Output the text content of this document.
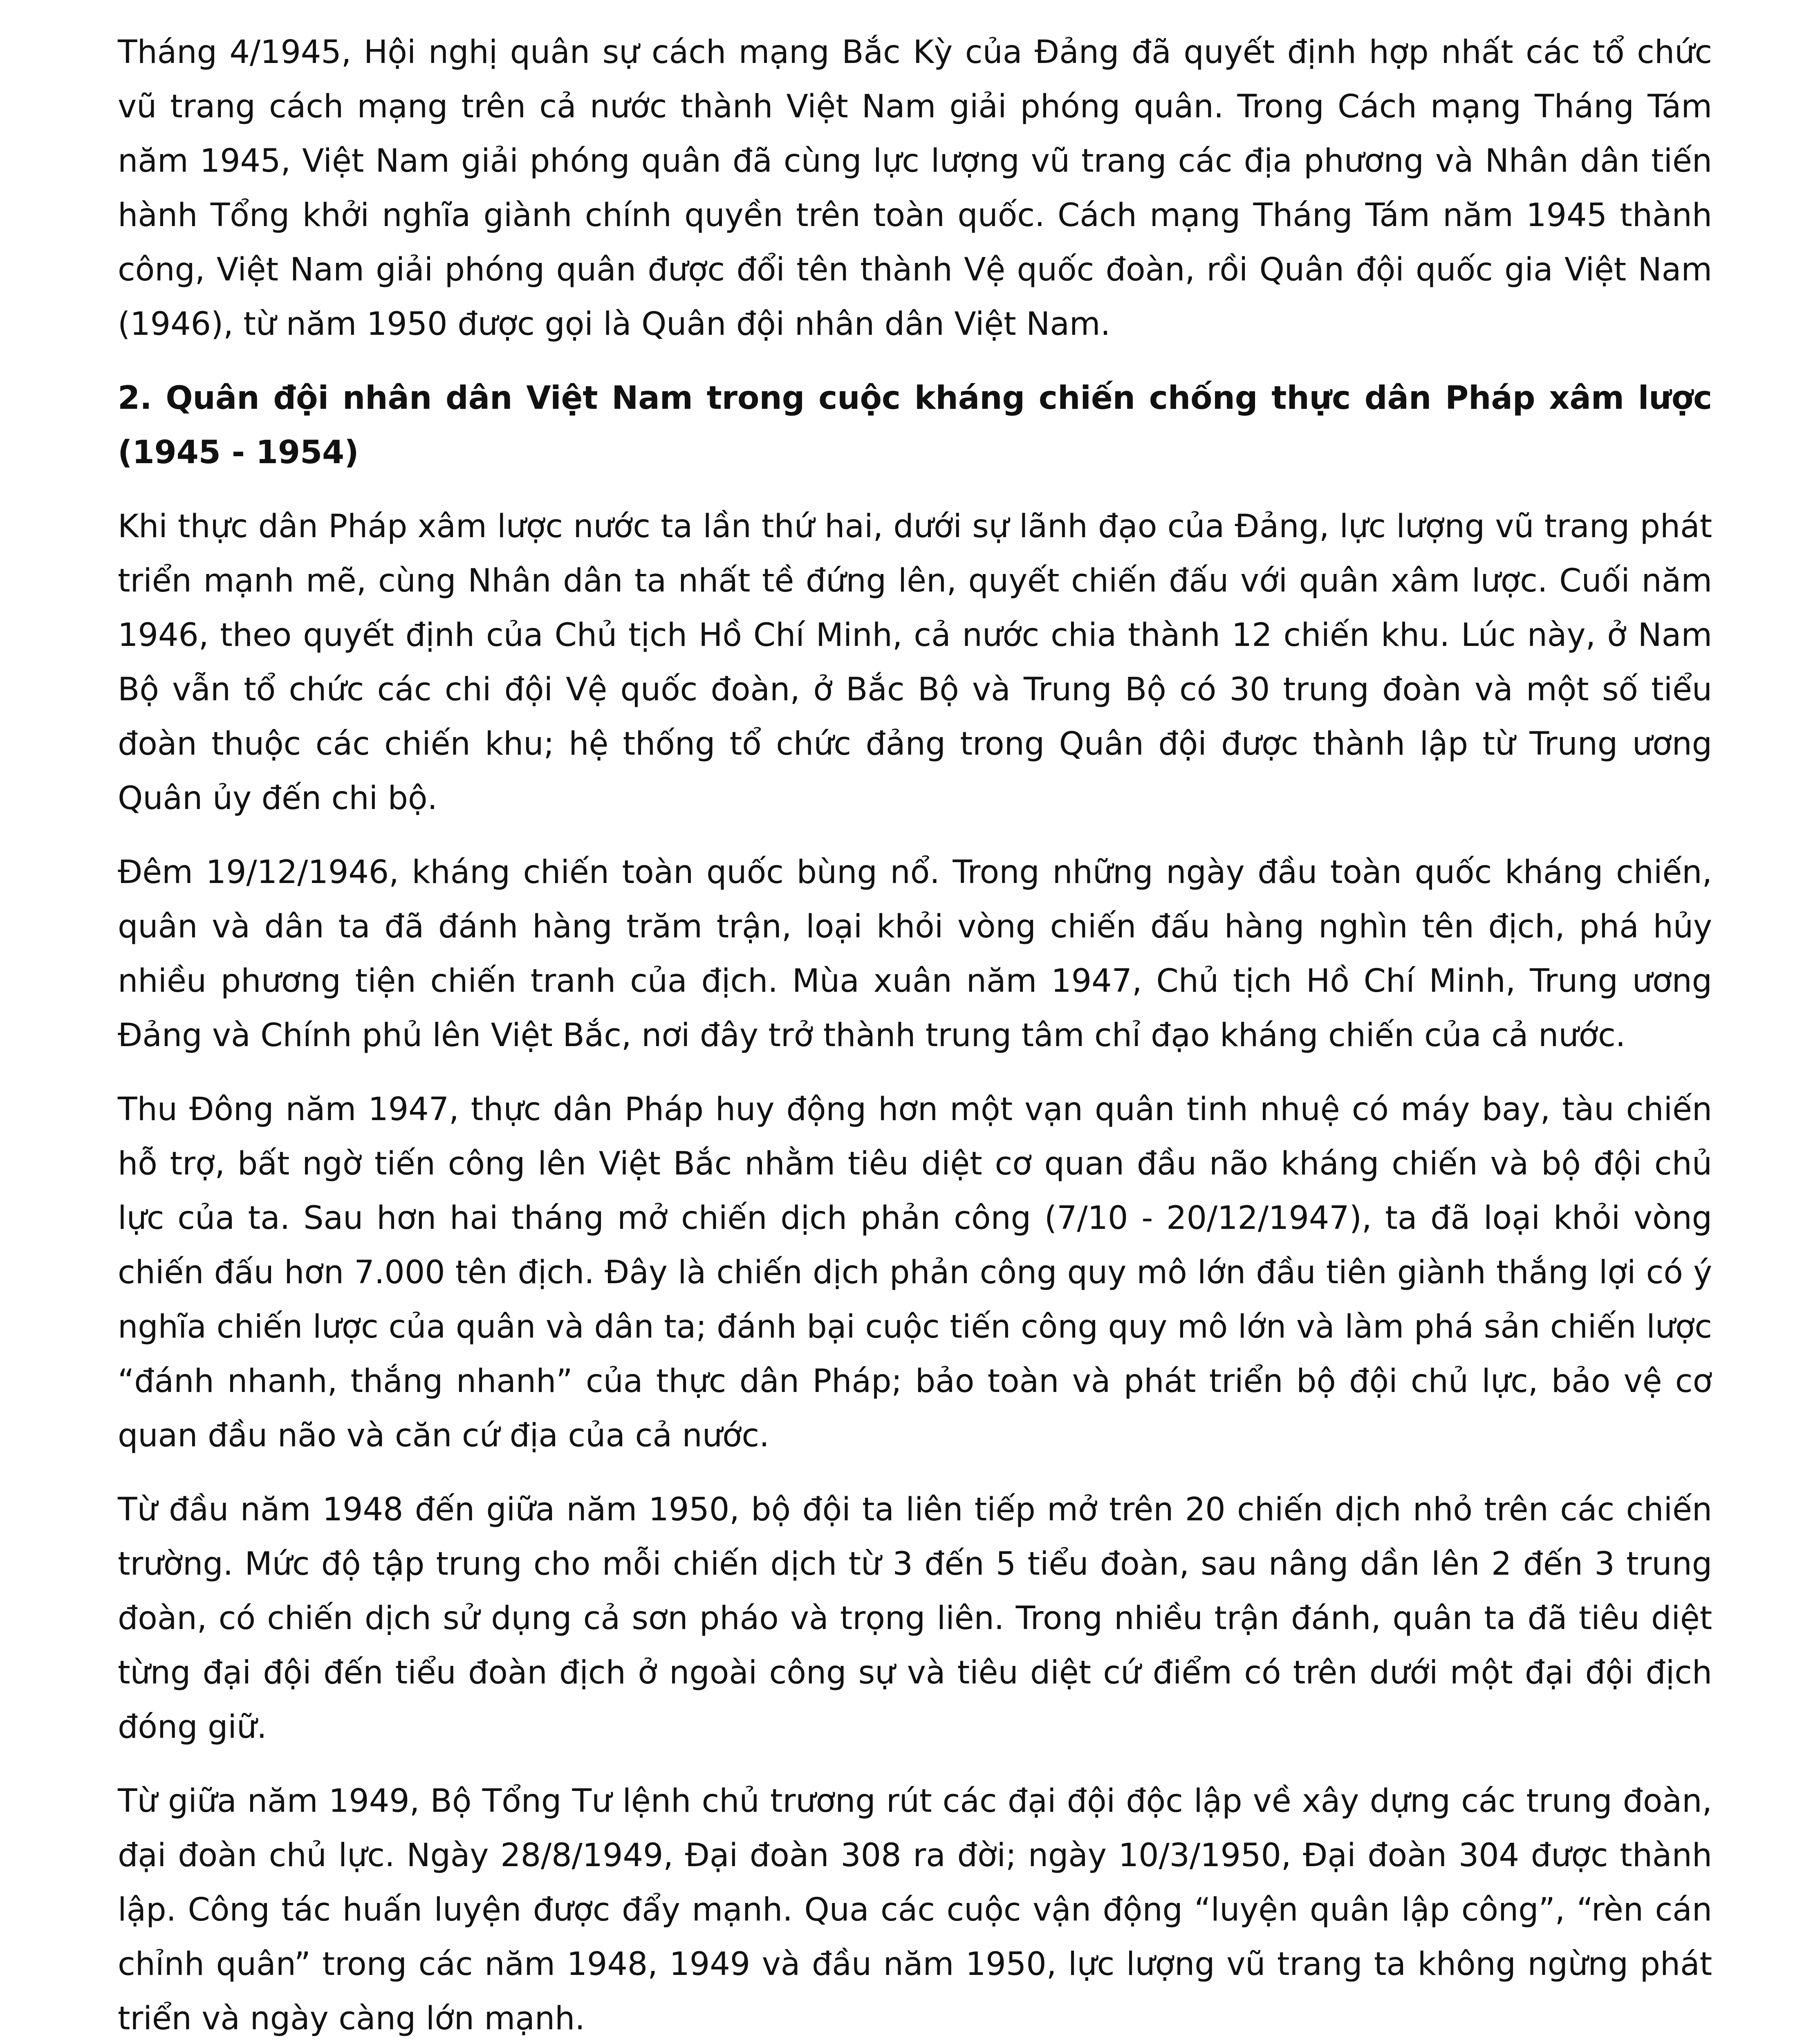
Tháng 4/1945, Hội nghị quân sự cách mạng Bắc Kỳ của Đảng đã quyết định hợp nhất các tổ chức vũ trang cách mạng trên cả nước thành Việt Nam giải phóng quân. Trong Cách mạng Tháng Tám năm 1945, Việt Nam giải phóng quân đã cùng lực lượng vũ trang các địa phương và Nhân dân tiến hành Tổng khởi nghĩa giành chính quyền trên toàn quốc. Cách mạng Tháng Tám năm 1945 thành công, Việt Nam giải phóng quân được đổi tên thành Vệ quốc đoàn, rồi Quân đội quốc gia Việt Nam (1946), từ năm 1950 được gọi là Quân đội nhân dân Việt Nam.

2. Quân đội nhân dân Việt Nam trong cuộc kháng chiến chống thực dân Pháp xâm lược (1945 - 1954)

Khi thực dân Pháp xâm lược nước ta lần thứ hai, dưới sự lãnh đạo của Đảng, lực lượng vũ trang phát triển mạnh mẽ, cùng Nhân dân ta nhất tề đứng lên, quyết chiến đấu với quân xâm lược. Cuối năm 1946, theo quyết định của Chủ tịch Hồ Chí Minh, cả nước chia thành 12 chiến khu. Lúc này, ở Nam Bộ vẫn tổ chức các chi đội Vệ quốc đoàn, ở Bắc Bộ và Trung Bộ có 30 trung đoàn và một số tiểu đoàn thuộc các chiến khu; hệ thống tổ chức đảng trong Quân đội được thành lập từ Trung ương Quân ủy đến chi bộ.

Đêm 19/12/1946, kháng chiến toàn quốc bùng nổ. Trong những ngày đầu toàn quốc kháng chiến, quân và dân ta đã đánh hàng trăm trận, loại khỏi vòng chiến đấu hàng nghìn tên địch, phá hủy nhiều phương tiện chiến tranh của địch. Mùa xuân năm 1947, Chủ tịch Hồ Chí Minh, Trung ương Đảng và Chính phủ lên Việt Bắc, nơi đây trở thành trung tâm chỉ đạo kháng chiến của cả nước.

Thu Đông năm 1947, thực dân Pháp huy động hơn một vạn quân tinh nhuệ có máy bay, tàu chiến hỗ trợ, bất ngờ tiến công lên Việt Bắc nhằm tiêu diệt cơ quan đầu não kháng chiến và bộ đội chủ lực của ta. Sau hơn hai tháng mở chiến dịch phản công (7/10 - 20/12/1947), ta đã loại khỏi vòng chiến đấu hơn 7.000 tên địch. Đây là chiến dịch phản công quy mô lớn đầu tiên giành thắng lợi có ý nghĩa chiến lược của quân và dân ta; đánh bại cuộc tiến công quy mô lớn và làm phá sản chiến lược “đánh nhanh, thắng nhanh” của thực dân Pháp; bảo toàn và phát triển bộ đội chủ lực, bảo vệ cơ quan đầu não và căn cứ địa của cả nước.

Từ đầu năm 1948 đến giữa năm 1950, bộ đội ta liên tiếp mở trên 20 chiến dịch nhỏ trên các chiến trường. Mức độ tập trung cho mỗi chiến dịch từ 3 đến 5 tiểu đoàn, sau nâng dần lên 2 đến 3 trung đoàn, có chiến dịch sử dụng cả sơn pháo và trọng liên. Trong nhiều trận đánh, quân ta đã tiêu diệt từng đại đội đến tiểu đoàn địch ở ngoài công sự và tiêu diệt cứ điểm có trên dưới một đại đội địch đóng giữ.

Từ giữa năm 1949, Bộ Tổng Tư lệnh chủ trương rút các đại đội độc lập về xây dựng các trung đoàn, đại đoàn chủ lực. Ngày 28/8/1949, Đại đoàn 308 ra đời; ngày 10/3/1950, Đại đoàn 304 được thành lập. Công tác huấn luyện được đẩy mạnh. Qua các cuộc vận động “luyện quân lập công”, “rèn cán chỉnh quân” trong các năm 1948, 1949 và đầu năm 1950, lực lượng vũ trang ta không ngừng phát triển và ngày càng lớn mạnh.
